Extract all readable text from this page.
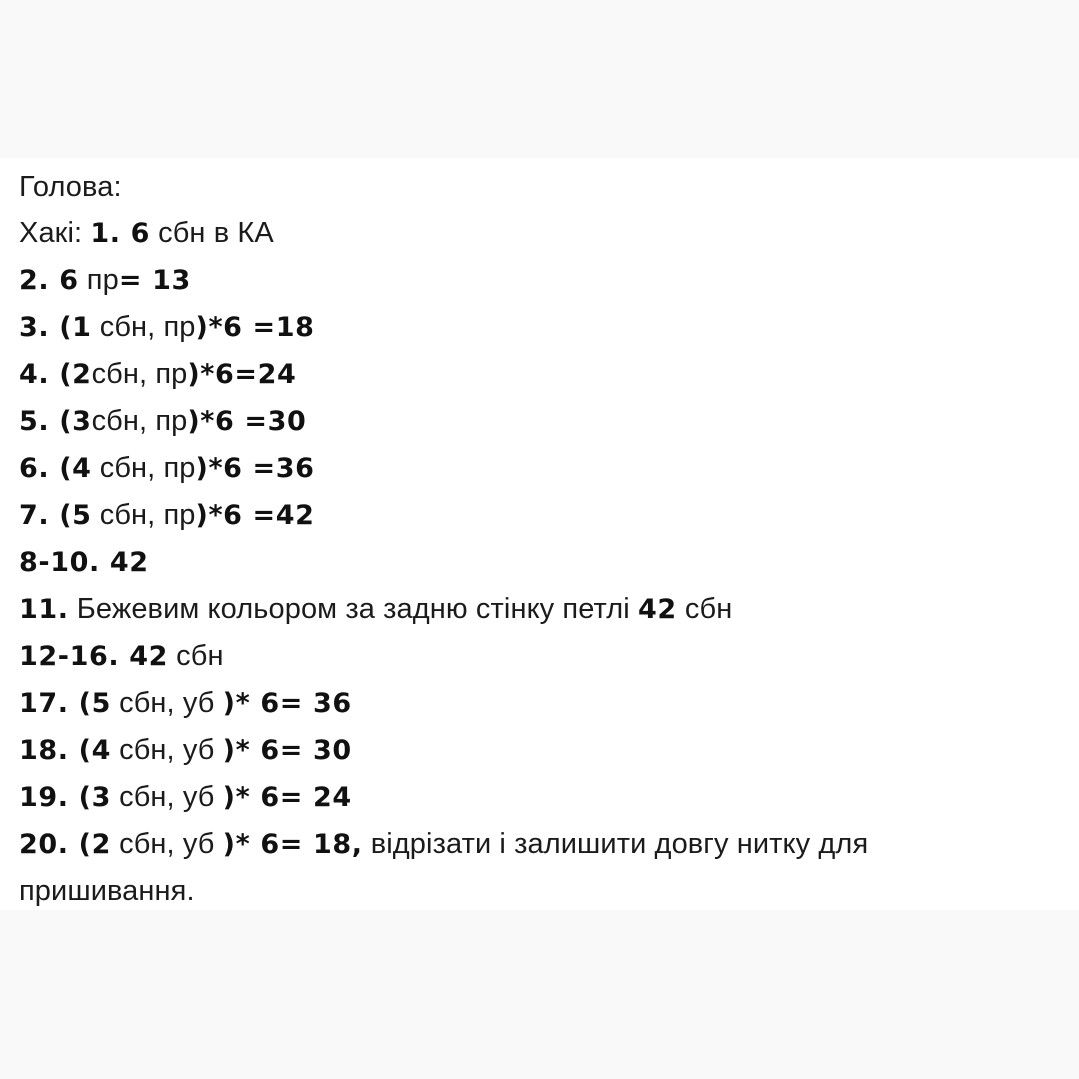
Голова:
Хакі: 1. 6 сбн в КА
2. 6 пр= 13
3. (1 сбн, пр)*6 =18
4. (2сбн, пр)*6=24
5. (3сбн, пр)*6 =30
6. (4 сбн, пр)*6 =36
7. (5 сбн, пр)*6 =42
8-10. 42
11. Бежевим кольором за задню стінку петлі 42 сбн
12-16. 42 сбн
17. (5 сбн, уб )* 6= 36
18. (4 сбн, уб )* 6= 30
19. (3 сбн, уб )* 6= 24
20. (2 сбн, уб )* 6= 18, відрізати і залишити довгу нитку для пришивання.
